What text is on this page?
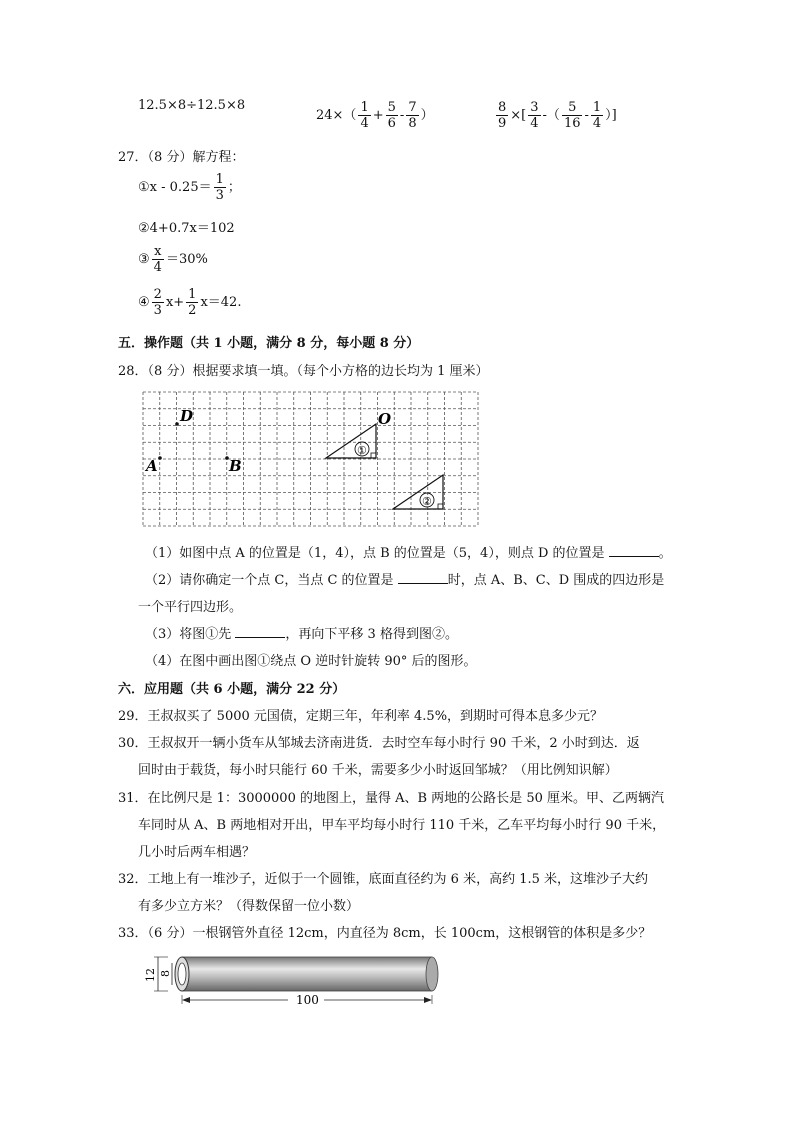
12.5×8÷12.5×8
$24\times( \frac{1}{4} + \frac{5}{6} - \frac{7}{8}$ ）	$\frac{8}{9}$ ×[ $\frac{3}{4}$ -（ $\frac{5}{16} - \frac{1}{4}$ ）]
27．（8 分）解方程：
①x - $0.25= \frac{1}{3}$ ；
②4+0.7x＝102
③ $\frac{x}{4} =30\%$
④ $\frac{2}{3} x+ \frac{1}{2} x=42$.
五．操作题（共 1 小题，满分 8 分，每小题 8 分）
28．（8 分）根据要求填一填。（每个小方格的边长均为 1 厘米）
D
A	B
O
①
②
（1）如图中点 A 的位置是（1，4），点 B 的位置是（5，4），则点 D 的位置是	。
（2）请你确定一个点 C，当点 C 的位置是	时，点 A、B、C、D 围成的四边形是
一个平行四边形。
（3）将图①先	，再向下平移 3 格得到图②。
（4）在图中画出图①绕点 O 逆时针旋转 90° 后的图形。
六．应用题（共 6 小题，满分 22 分）
29．王叔叔买了 5000 元国债，定期三年，年利率 4.5%，到期时可得本息多少元？
30．王叔叔开一辆小货车从邹城去济南进货．去时空车每小时行 90 千米，2 小时到达．返
回时由于载货，每小时只能行 60 千米，需要多少小时返回邹城？（用比例知识解）
31．在比例尺是 1：3000000 的地图上，量得 A、B 两地的公路长是 50 厘米。甲、乙两辆汽
车同时从 A、B 两地相对开出，甲车平均每小时行 110 千米，乙车平均每小时行 90 千米，
几小时后两车相遇？
32．工地上有一堆沙子，近似于一个圆锥，底面直径约为 6 米，高约 1.5 米，这堆沙子大约
有多少立方米？（得数保留一位小数）
33．（6 分）一根钢管外直径 12cm，内直径为 8cm，长 100cm，这根钢管的体积是多少？
12 8
100
